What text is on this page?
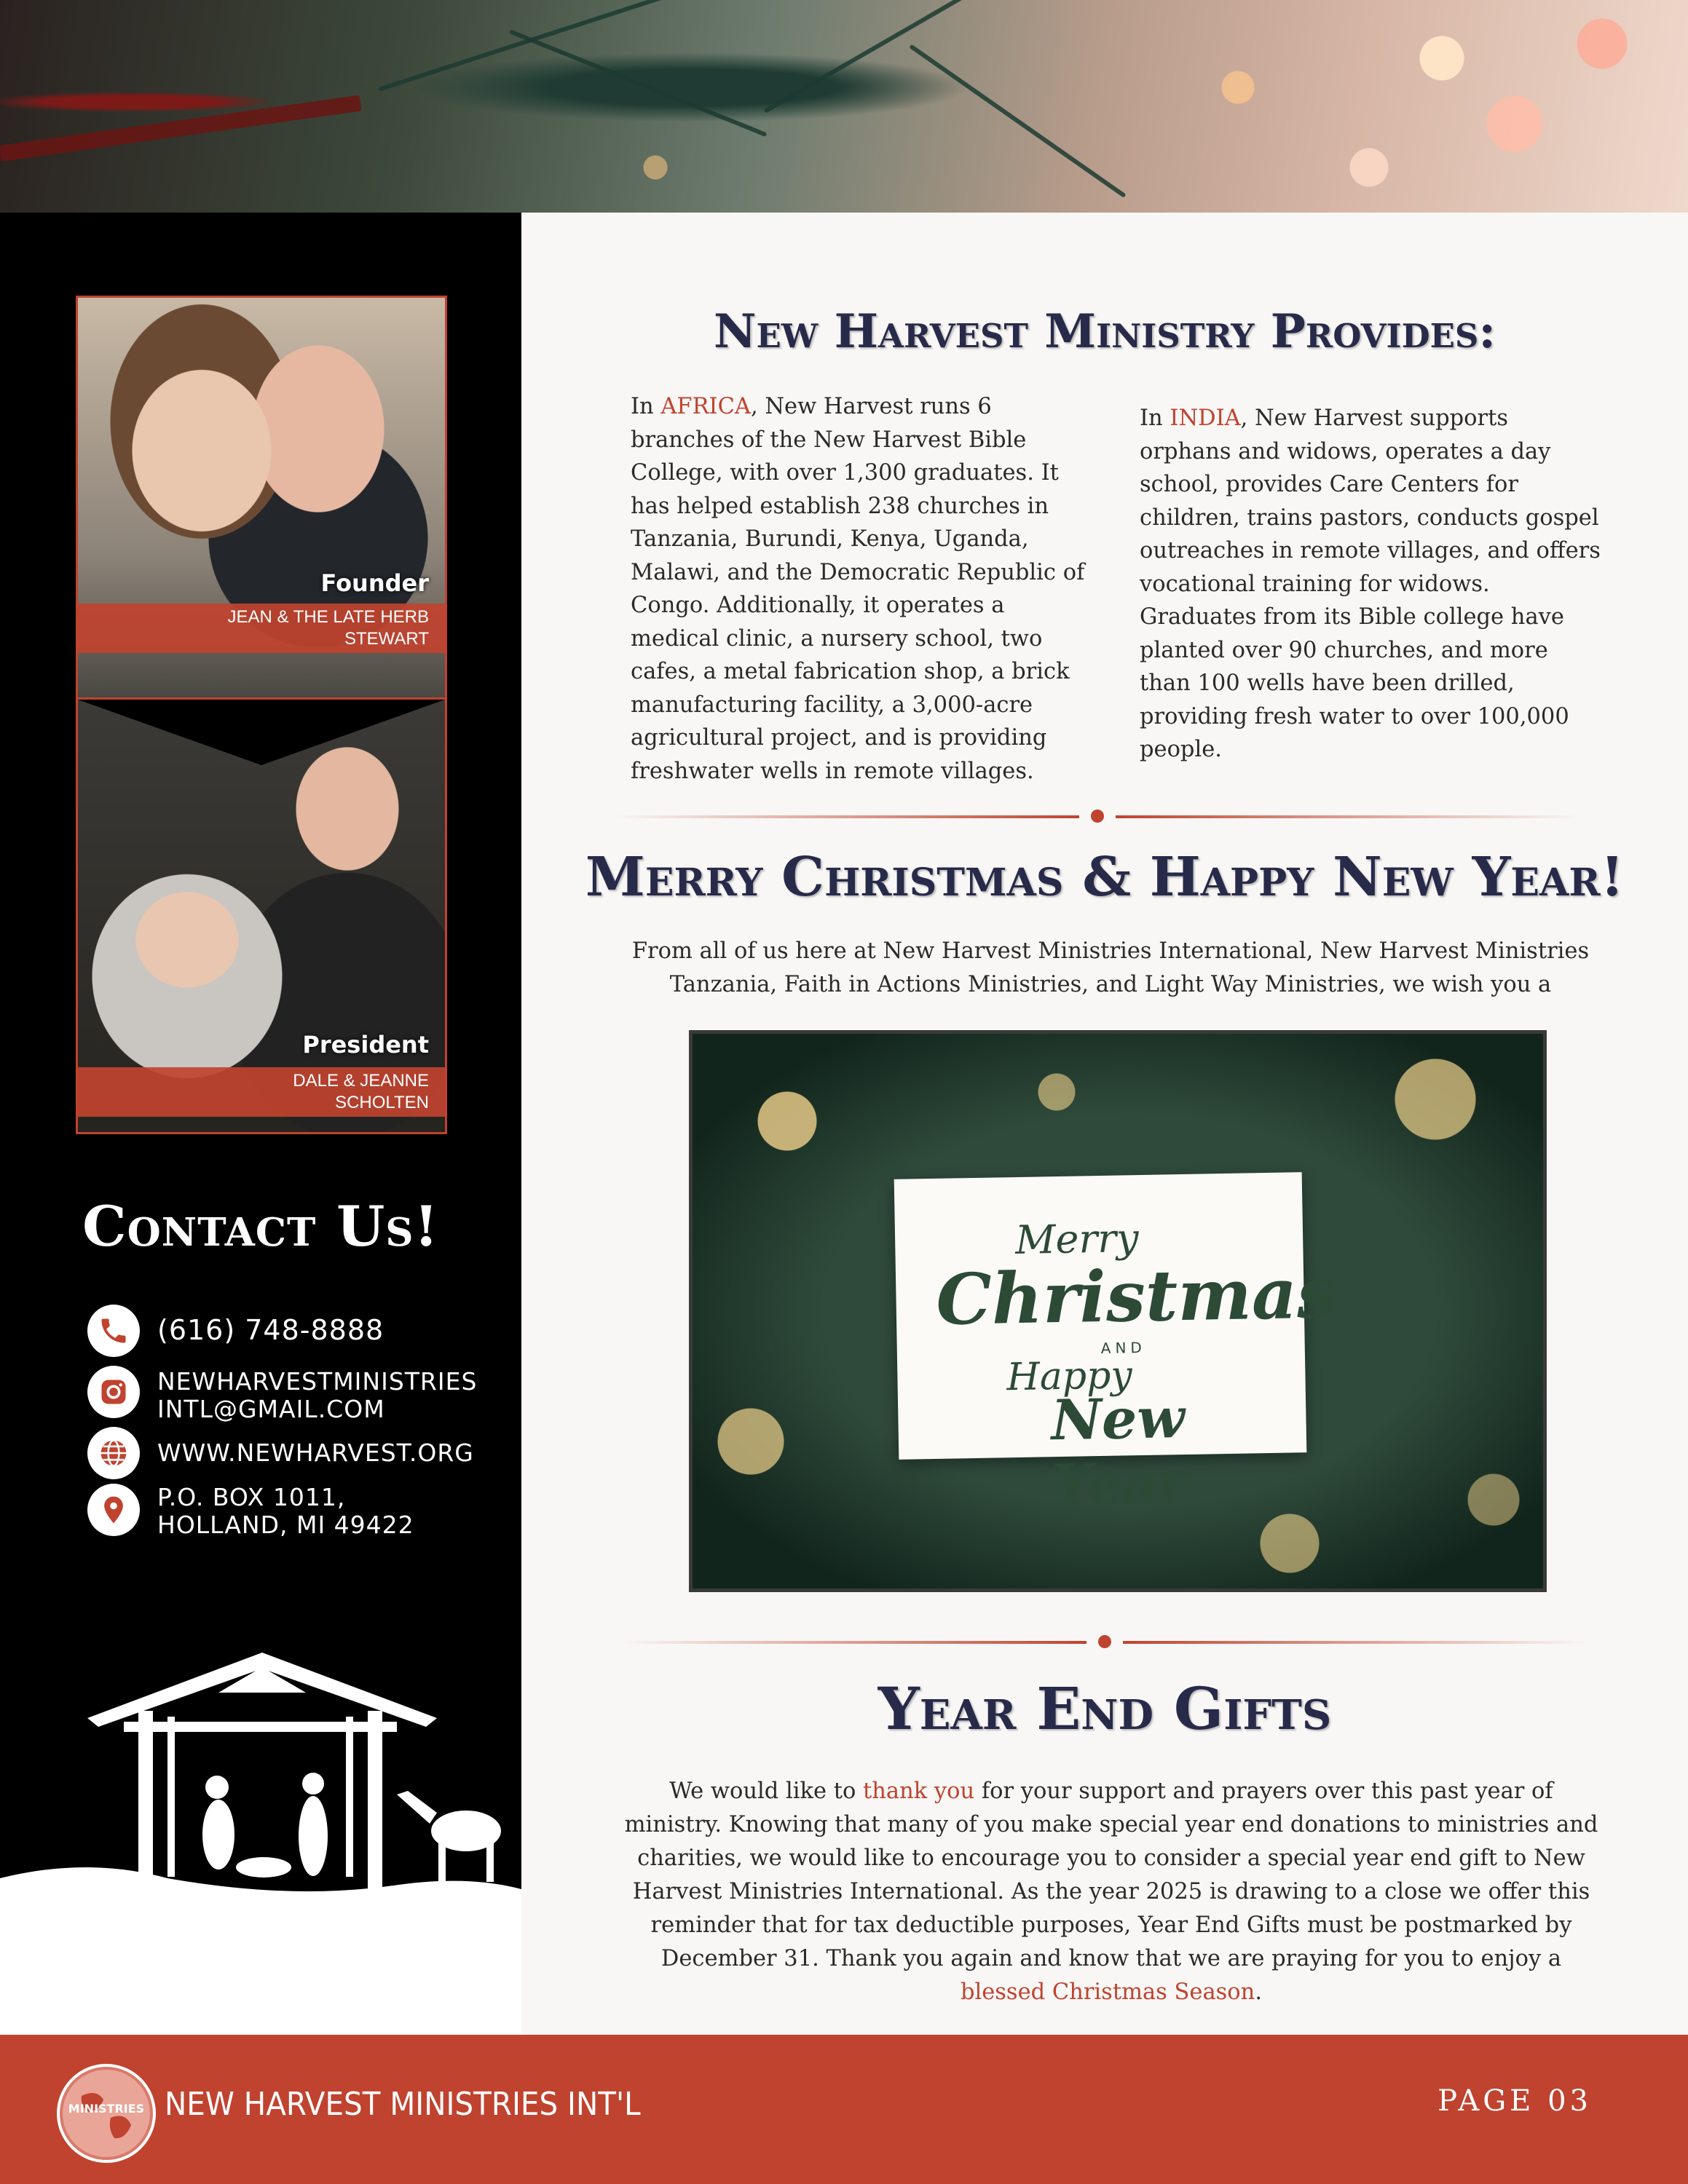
Founder
JEAN & THE LATE HERB
STEWART
President
DALE & JEANNE
SCHOLTEN
Contact Us!
(616) 748-8888
NEWHARVESTMINISTRIES
INTL@GMAIL.COM
WWW.NEWHARVEST.ORG
P.O. BOX 1011,
HOLLAND, MI 49422
New Harvest Ministry Provides:
In AFRICA, New Harvest runs 6 branches of the New Harvest Bible College, with over 1,300 graduates. It has helped establish 238 churches in Tanzania, Burundi, Kenya, Uganda, Malawi, and the Democratic Republic of Congo. Additionally, it operates a medical clinic, a nursery school, two cafes, a metal fabrication shop, a brick manufacturing facility, a 3,000-acre agricultural project, and is providing freshwater wells in remote villages.
In INDIA, New Harvest supports orphans and widows, operates a day school, provides Care Centers for children, trains pastors, conducts gospel outreaches in remote villages, and offers vocational training for widows. Graduates from its Bible college have planted over 90 churches, and more than 100 wells have been drilled, providing fresh water to over 100,000 people.
Merry Christmas & Happy New Year!
From all of us here at New Harvest Ministries International, New Harvest Ministries Tanzania, Faith in Actions Ministries, and Light Way Ministries, we wish you a
Merry
Christmas
AND
Happy
New Year
Year End Gifts
We would like to thank you for your support and prayers over this past year of ministry. Knowing that many of you make special year end donations to ministries and charities, we would like to encourage you to consider a special year end gift to New Harvest Ministries International. As the year 2025 is drawing to a close we offer this reminder that for tax deductible purposes, Year End Gifts must be postmarked by December 31. Thank you again and know that we are praying for you to enjoy a blessed Christmas Season.
MINISTRIES NEW HARVEST MINISTRIES INT'L	PAGE 03
